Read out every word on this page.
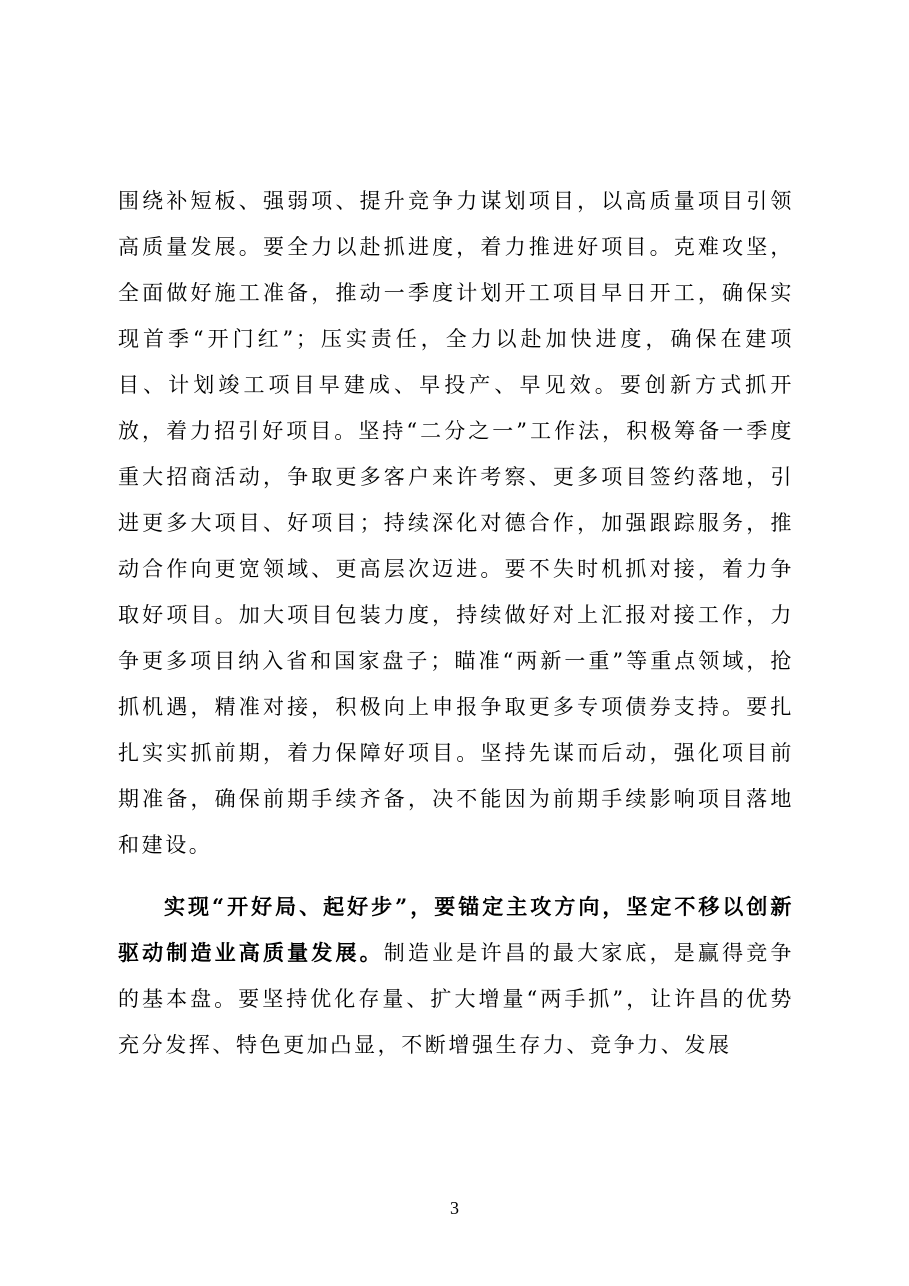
围绕补短板、强弱项、提升竞争力谋划项目，以高质量项目引领高质量发展。要全力以赴抓进度，着力推进好项目。克难攻坚，全面做好施工准备，推动一季度计划开工项目早日开工，确保实现首季“开门红”；压实责任，全力以赴加快进度，确保在建项目、计划竣工项目早建成、早投产、早见效。要创新方式抓开放，着力招引好项目。坚持“二分之一”工作法，积极筹备一季度重大招商活动，争取更多客户来许考察、更多项目签约落地，引进更多大项目、好项目；持续深化对德合作，加强跟踪服务，推动合作向更宽领域、更高层次迈进。要不失时机抓对接，着力争取好项目。加大项目包装力度，持续做好对上汇报对接工作，力争更多项目纳入省和国家盘子；瞄准“两新一重”等重点领域，抢抓机遇，精准对接，积极向上申报争取更多专项债券支持。要扎扎实实抓前期，着力保障好项目。坚持先谋而后动，强化项目前期准备，确保前期手续齐备，决不能因为前期手续影响项目落地和建设。

实现“开好局、起好步”，要锚定主攻方向，坚定不移以创新驱动制造业高质量发展。制造业是许昌的最大家底，是赢得竞争的基本盘。要坚持优化存量、扩大增量“两手抓”，让许昌的优势充分发挥、特色更加凸显，不断增强生存力、竞争力、发展

3
